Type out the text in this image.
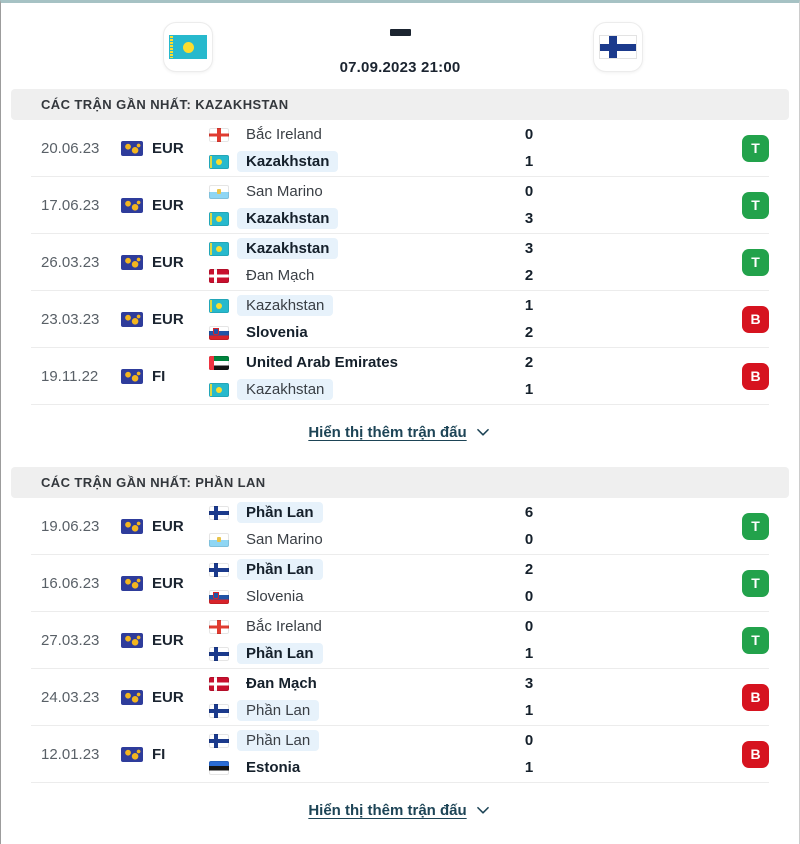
07.09.2023 21:00
CÁC TRẬN GẦN NHẤT: KAZAKHSTAN
20.06.23	EUR
Bắc Ireland	0
Kazakhstan	1
T
17.06.23	EUR
San Marino	0
Kazakhstan	3
T
26.03.23	EUR
Kazakhstan	3
Đan Mạch	2
T
23.03.23	EUR
Kazakhstan	1
Slovenia	2
B
19.11.22	FI
United Arab Emirates	2
Kazakhstan	1
B
Hiển thị thêm trận đấu
CÁC TRẬN GẦN NHẤT: PHẦN LAN
19.06.23	EUR
Phần Lan	6
San Marino	0
T
16.06.23	EUR
Phần Lan	2
Slovenia	0
T
27.03.23	EUR
Bắc Ireland	0
Phần Lan	1
T
24.03.23	EUR
Đan Mạch	3
Phần Lan	1
B
12.01.23	FI
Phần Lan	0
Estonia	1
B
Hiển thị thêm trận đấu
